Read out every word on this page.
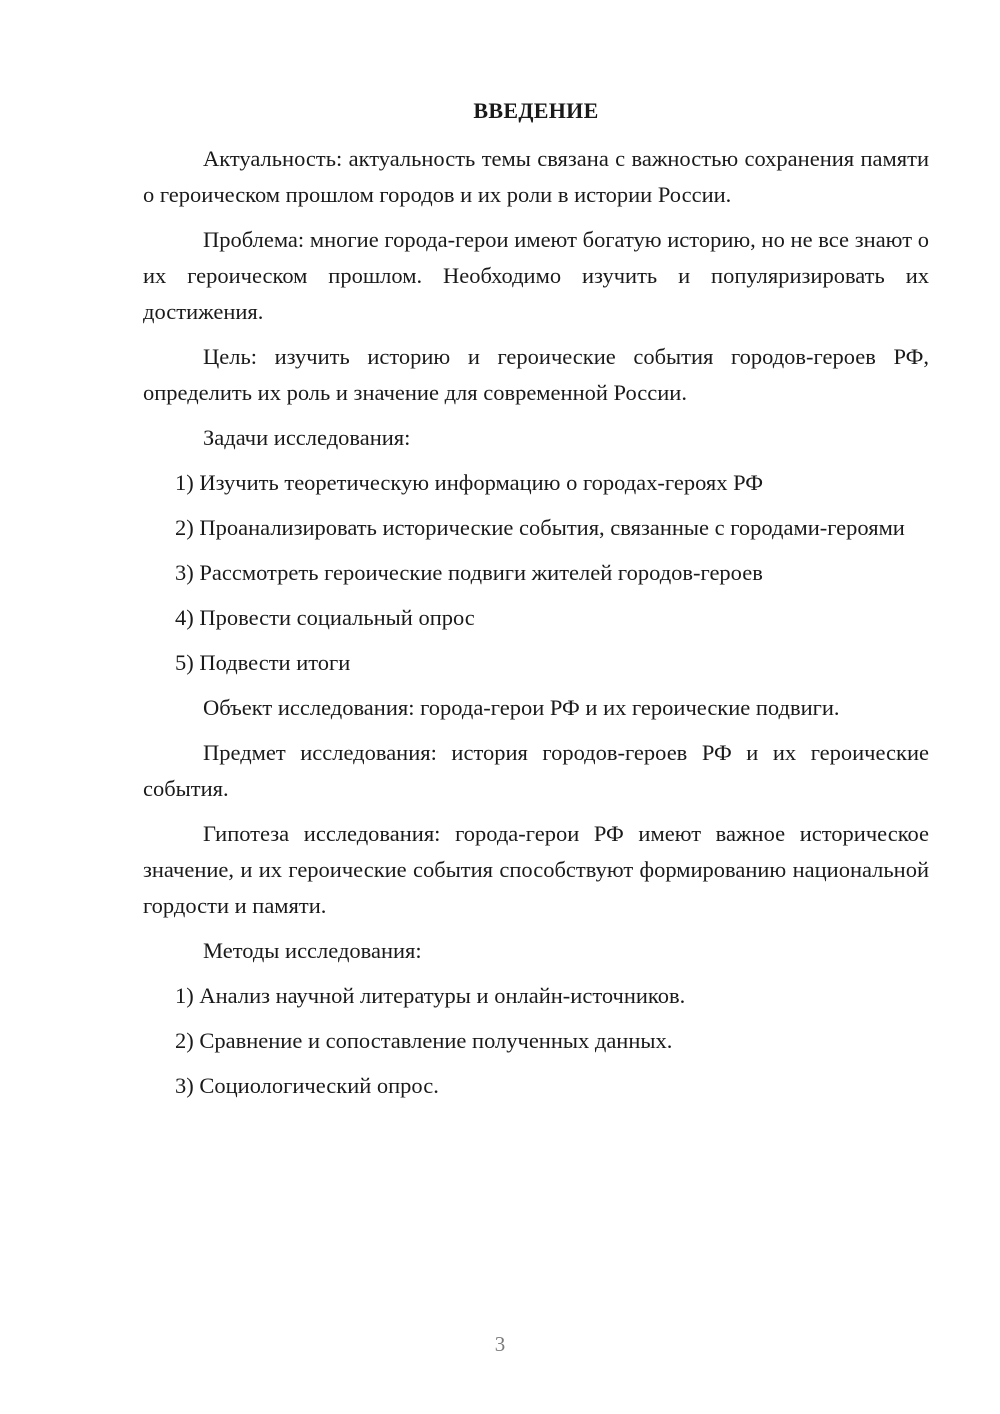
ВВЕДЕНИЕ

Актуальность: актуальность темы связана с важностью сохранения памяти о героическом прошлом городов и их роли в истории России.

Проблема: многие города-герои имеют богатую историю, но не все знают о их героическом прошлом. Необходимо изучить и популяризировать их достижения.

Цель: изучить историю и героические события городов-героев РФ, определить их роль и значение для современной России.

Задачи исследования:

1) Изучить теоретическую информацию о городах-героях РФ

2) Проанализировать исторические события, связанные с городами-героями

3) Рассмотреть героические подвиги жителей городов-героев

4) Провести социальный опрос

5) Подвести итоги

Объект исследования: города-герои РФ и их героические подвиги.

Предмет исследования: история городов-героев РФ и их героические события.

Гипотеза исследования: города-герои РФ имеют важное историческое значение, и их героические события способствуют формированию национальной гордости и памяти.

Методы исследования:

1) Анализ научной литературы и онлайн-источников.

2) Сравнение и сопоставление полученных данных.

3) Социологический опрос.

3
